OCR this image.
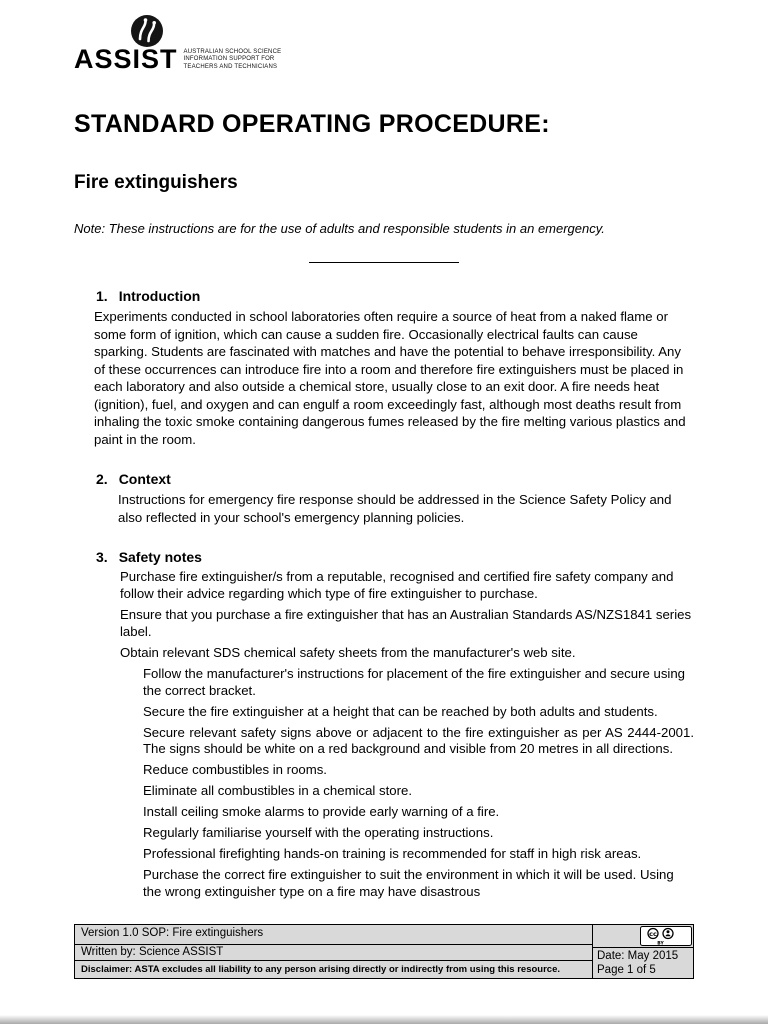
ASSIST AUSTRALIAN SCHOOL SCIENCE
INFORMATION SUPPORT FOR
TEACHERS AND TECHNICIANS
STANDARD OPERATING PROCEDURE:
Fire extinguishers

Note: These instructions are for the use of adults and responsible students in an emergency.

1. Introduction

Experiments conducted in school laboratories often require a source of heat from a naked flame or some form of ignition, which can cause a sudden fire. Occasionally electrical faults can cause sparking. Students are fascinated with matches and have the potential to behave irresponsibility. Any of these occurrences can introduce fire into a room and therefore fire extinguishers must be placed in each laboratory and also outside a chemical store, usually close to an exit door. A fire needs heat (ignition), fuel, and oxygen and can engulf a room exceedingly fast, although most deaths result from inhaling the toxic smoke containing dangerous fumes released by the fire melting various plastics and paint in the room.

2. Context

Instructions for emergency fire response should be addressed in the Science Safety Policy and also reflected in your school's emergency planning policies.

3. Safety notes

Purchase fire extinguisher/s from a reputable, recognised and certified fire safety company and follow their advice regarding which type of fire extinguisher to purchase.

Ensure that you purchase a fire extinguisher that has an Australian Standards AS/NZS1841 series label.

Obtain relevant SDS chemical safety sheets from the manufacturer's web site.

Follow the manufacturer's instructions for placement of the fire extinguisher and secure using the correct bracket.

Secure the fire extinguisher at a height that can be reached by both adults and students.

Secure relevant safety signs above or adjacent to the fire extinguisher as per AS 2444-2001. The signs should be white on a red background and visible from 20 metres in all directions.

Reduce combustibles in rooms.

Eliminate all combustibles in a chemical store.

Install ceiling smoke alarms to provide early warning of a fire.

Regularly familiarise yourself with the operating instructions.

Professional firefighting hands-on training is recommended for staff in high risk areas.

Purchase the correct fire extinguisher to suit the environment in which it will be used. Using the wrong extinguisher type on a fire may have disastrous

Version 1.0 SOP: Fire extinguishers
Written by: Science ASSIST
Disclaimer: ASTA excludes all liability to any person arising directly or indirectly from using this resource.
cc
BY
Date: May 2015
Page 1 of 5
